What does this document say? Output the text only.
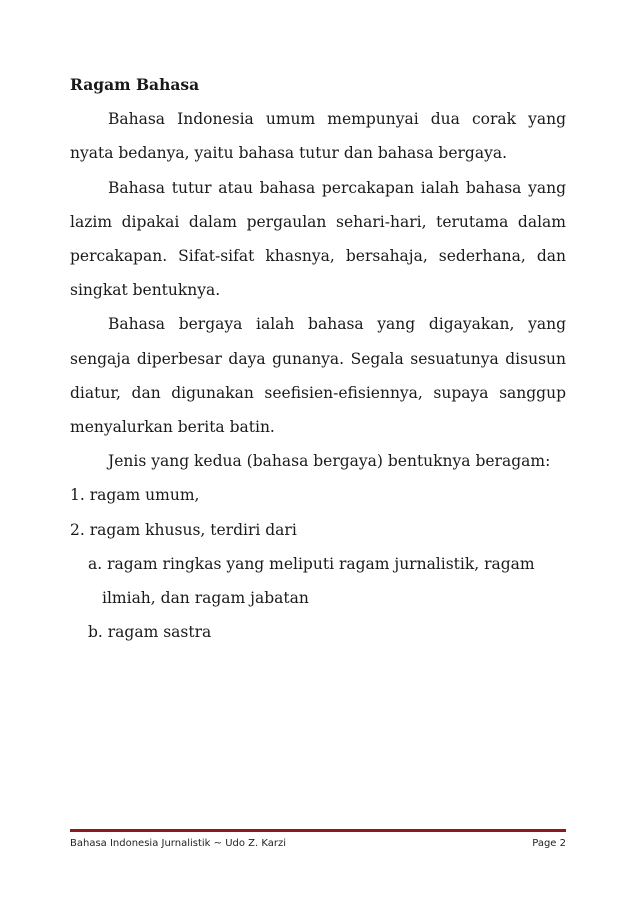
Ragam Bahasa

Bahasa Indonesia umum mempunyai dua corak yang nyata bedanya, yaitu bahasa tutur dan bahasa bergaya.

Bahasa tutur atau bahasa percakapan ialah bahasa yang lazim dipakai dalam pergaulan sehari-hari, terutama dalam percakapan. Sifat-sifat khasnya, bersahaja, sederhana, dan singkat bentuknya.

Bahasa bergaya ialah bahasa yang digayakan, yang sengaja diperbesar daya gunanya. Segala sesuatunya disusun diatur, dan digunakan seefisien-efisiennya, supaya sanggup menyalurkan berita batin.

Jenis yang kedua (bahasa bergaya) bentuknya beragam:

1. ragam umum,

2. ragam khusus, terdiri dari

a. ragam ringkas yang meliputi ragam jurnalistik, ragam ilmiah, dan ragam jabatan

b. ragam sastra

Bahasa Indonesia Jurnalistik ~ Udo Z. Karzi	Page 2
